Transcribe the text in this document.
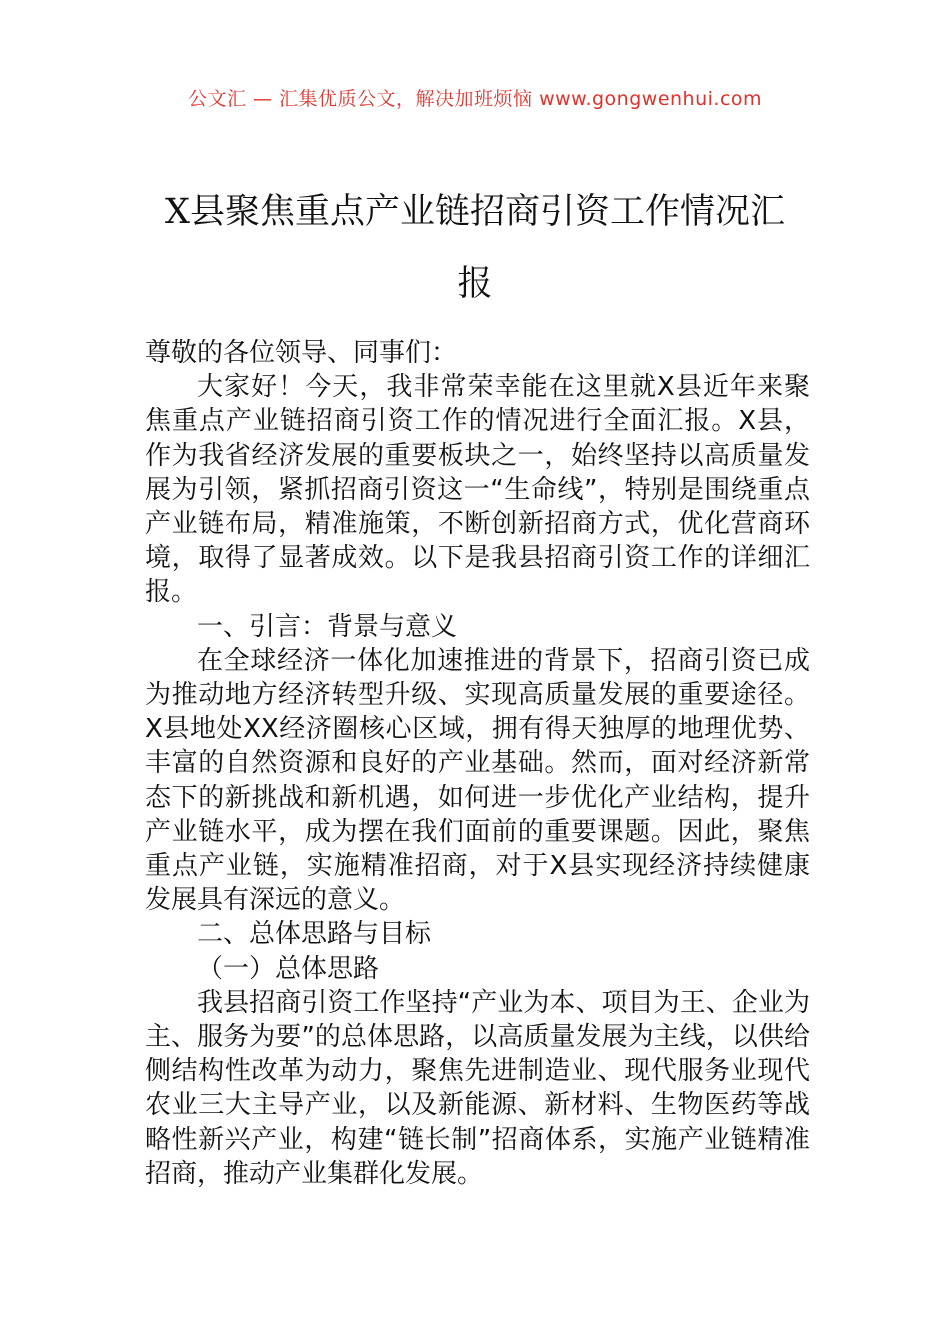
公文汇 — 汇集优质公文，解决加班烦恼 www.gongwenhui.com
X县聚焦重点产业链招商引资工作情况汇报

尊敬的各位领导、同事们：

大家好！今天，我非常荣幸能在这里就X县近年来聚焦重点产业链招商引资工作的情况进行全面汇报。X县，作为我省经济发展的重要板块之一，始终坚持以高质量发展为引领，紧抓招商引资这一“生命线”，特别是围绕重点产业链布局，精准施策，不断创新招商方式，优化营商环境，取得了显著成效。以下是我县招商引资工作的详细汇报。

一、引言：背景与意义

在全球经济一体化加速推进的背景下，招商引资已成为推动地方经济转型升级、实现高质量发展的重要途径。X县地处XX经济圈核心区域，拥有得天独厚的地理优势、丰富的自然资源和良好的产业基础。然而，面对经济新常态下的新挑战和新机遇，如何进一步优化产业结构，提升产业链水平，成为摆在我们面前的重要课题。因此，聚焦重点产业链，实施精准招商，对于X县实现经济持续健康发展具有深远的意义。

二、总体思路与目标

（一）总体思路

我县招商引资工作坚持“产业为本、项目为王、企业为主、服务为要”的总体思路，以高质量发展为主线，以供给侧结构性改革为动力，聚焦先进制造业、现代服务业现代农业三大主导产业，以及新能源、新材料、生物医药等战略性新兴产业，构建“链长制”招商体系，实施产业链精准招商，推动产业集群化发展。
